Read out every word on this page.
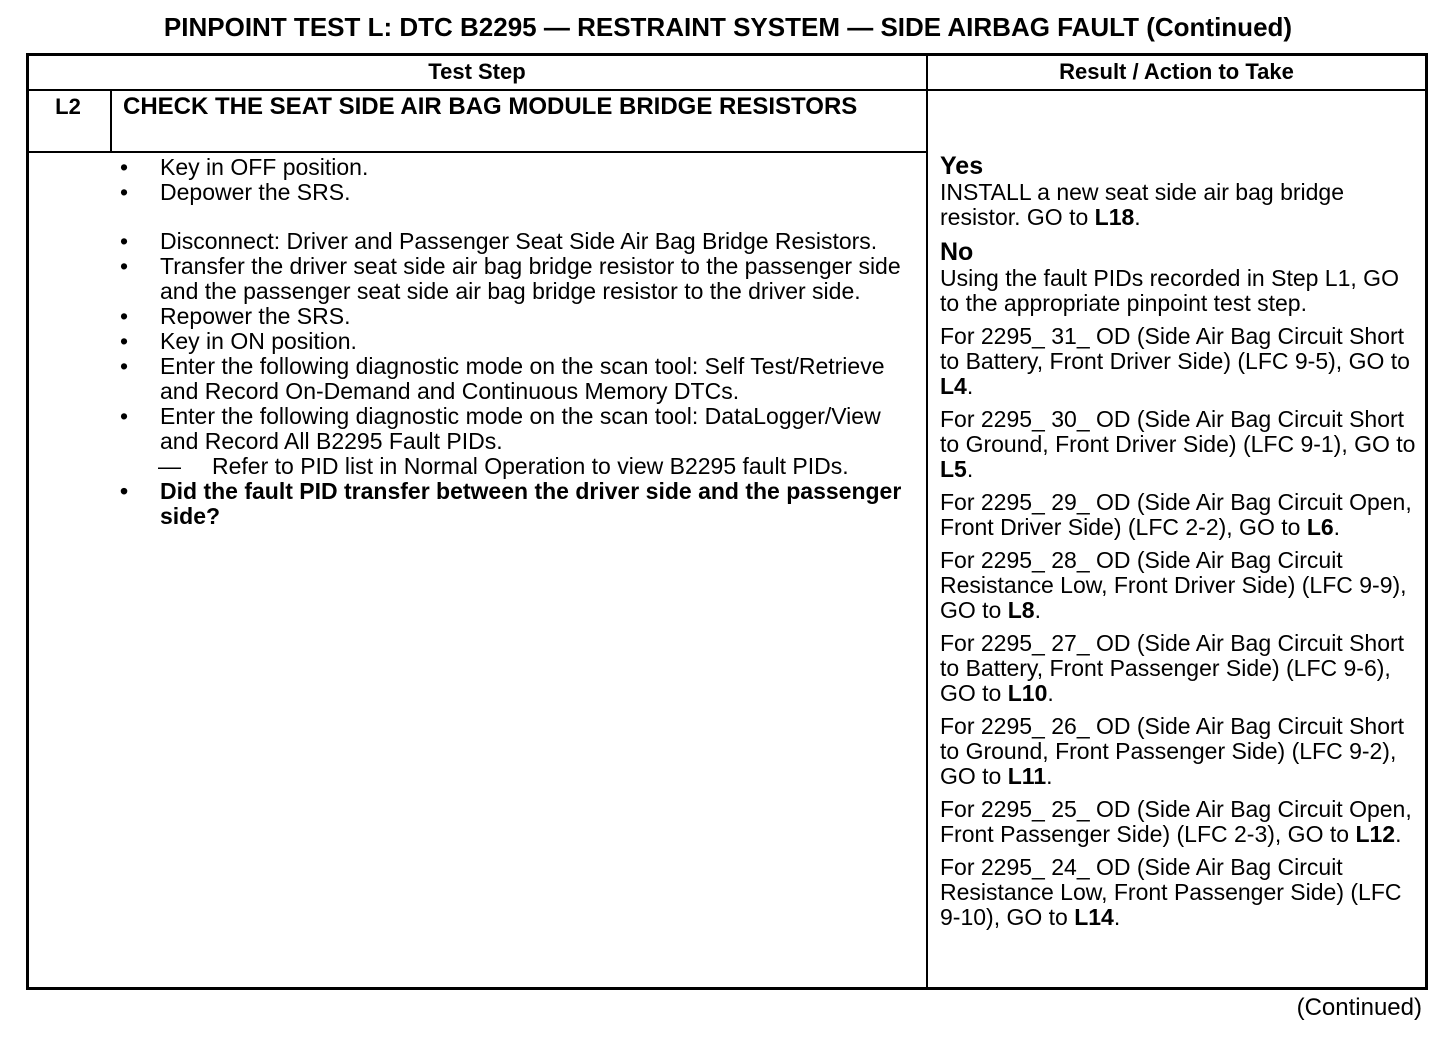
PINPOINT TEST L: DTC B2295 — RESTRAINT SYSTEM — SIDE AIRBAG FAULT (Continued)
Test Step	Result / Action to Take
L2	CHECK THE SEAT SIDE AIR BAG MODULE BRIDGE RESISTORS
• Key in OFF position.
• Depower the SRS.
• Disconnect: Driver and Passenger Seat Side Air Bag Bridge Resistors.
• Transfer the driver seat side air bag bridge resistor to the passenger side and the passenger seat side air bag bridge resistor to the driver side.
• Repower the SRS.
• Key in ON position.
• Enter the following diagnostic mode on the scan tool: Self Test/Retrieve and Record On-Demand and Continuous Memory DTCs.
• Enter the following diagnostic mode on the scan tool: DataLogger/View and Record All B2295 Fault PIDs.
— Refer to PID list in Normal Operation to view B2295 fault PIDs.
• Did the fault PID transfer between the driver side and the passenger side?
Yes

INSTALL a new seat side air bag bridge resistor. GO to L18.

No

Using the fault PIDs recorded in Step L1, GO to the appropriate pinpoint test step.

For 2295_ 31_ OD (Side Air Bag Circuit Short to Battery, Front Driver Side) (LFC 9-5), GO to L4.

For 2295_ 30_ OD (Side Air Bag Circuit Short to Ground, Front Driver Side) (LFC 9-1), GO to L5.

For 2295_ 29_ OD (Side Air Bag Circuit Open, Front Driver Side) (LFC 2-2), GO to L6.

For 2295_ 28_ OD (Side Air Bag Circuit Resistance Low, Front Driver Side) (LFC 9-9), GO to L8.

For 2295_ 27_ OD (Side Air Bag Circuit Short to Battery, Front Passenger Side) (LFC 9-6), GO to L10.

For 2295_ 26_ OD (Side Air Bag Circuit Short to Ground, Front Passenger Side) (LFC 9-2), GO to L11.

For 2295_ 25_ OD (Side Air Bag Circuit Open, Front Passenger Side) (LFC 2-3), GO to L12.

For 2295_ 24_ OD (Side Air Bag Circuit Resistance Low, Front Passenger Side) (LFC 9-10), GO to L14.

(Continued)
